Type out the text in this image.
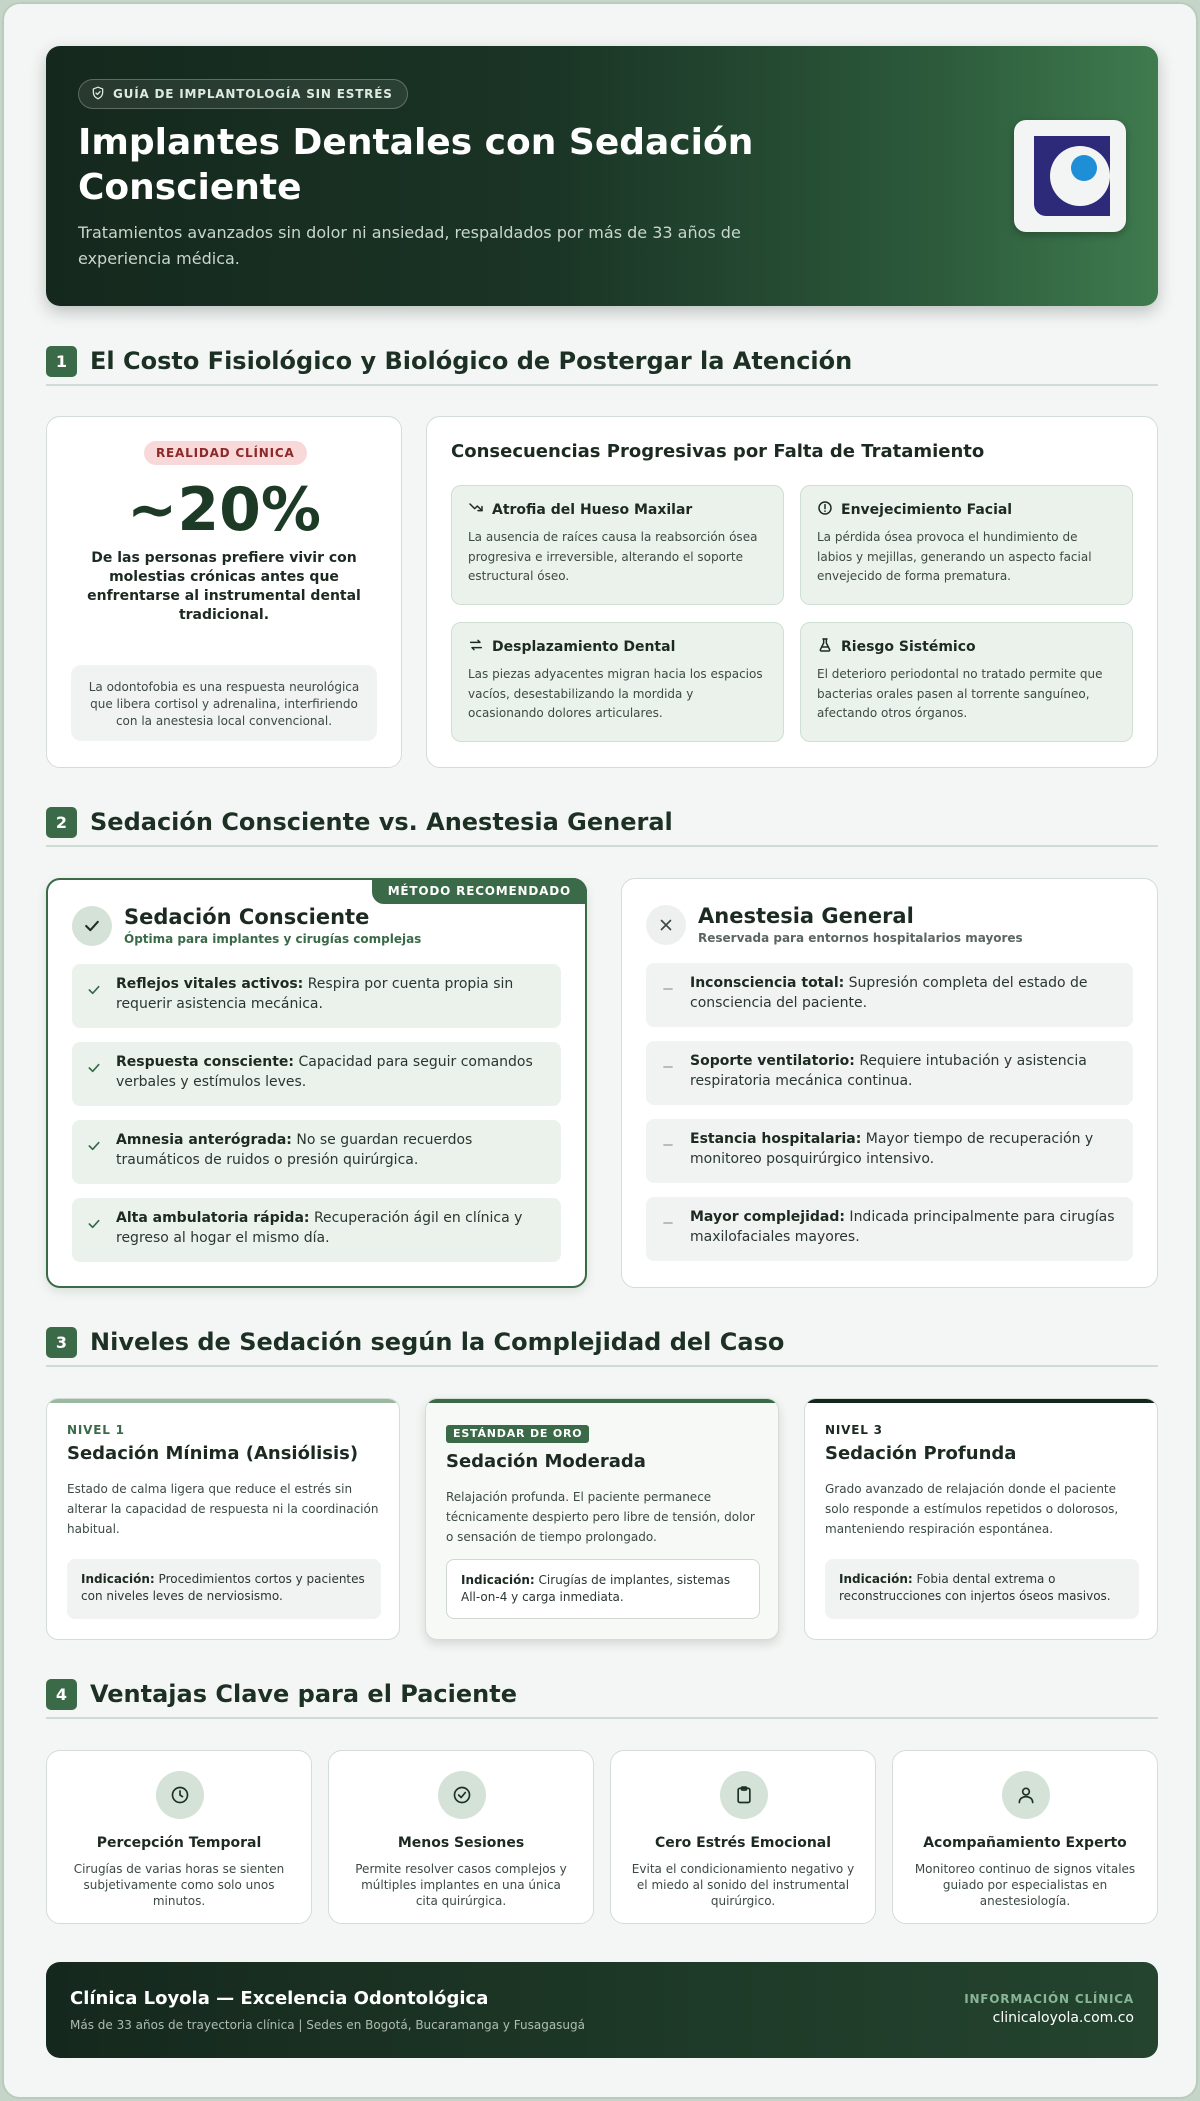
GUÍA DE IMPLANTOLOGÍA SIN ESTRÉS
Implantes Dentales con Sedación Consciente
Tratamientos avanzados sin dolor ni ansiedad, respaldados por más de 33 años de experiencia médica.
1 El Costo Fisiológico y Biológico de Postergar la Atención
REALIDAD CLÍNICA
~20%
De las personas prefiere vivir con molestias crónicas antes que enfrentarse al instrumental dental tradicional.
La odontofobia es una respuesta neurológica que libera cortisol y adrenalina, interfiriendo con la anestesia local convencional.
Consecuencias Progresivas por Falta de Tratamiento
Atrofia del Hueso Maxilar

La ausencia de raíces causa la reabsorción ósea progresiva e irreversible, alterando el soporte estructural óseo.

Envejecimiento Facial

La pérdida ósea provoca el hundimiento de labios y mejillas, generando un aspecto facial envejecido de forma prematura.

Desplazamiento Dental

Las piezas adyacentes migran hacia los espacios vacíos, desestabilizando la mordida y ocasionando dolores articulares.

Riesgo Sistémico

El deterioro periodontal no tratado permite que bacterias orales pasen al torrente sanguíneo, afectando otros órganos.

2 Sedación Consciente vs. Anestesia General
MÉTODO RECOMENDADO
Sedación Consciente
Óptima para implantes y cirugías complejas
Reflejos vitales activos: Respira por cuenta propia sin requerir asistencia mecánica.
Respuesta consciente: Capacidad para seguir comandos verbales y estímulos leves.
Amnesia anterógrada: No se guardan recuerdos traumáticos de ruidos o presión quirúrgica.
Alta ambulatoria rápida: Recuperación ágil en clínica y regreso al hogar el mismo día.
Anestesia General
Reservada para entornos hospitalarios mayores
Inconsciencia total: Supresión completa del estado de consciencia del paciente.
Soporte ventilatorio: Requiere intubación y asistencia respiratoria mecánica continua.
Estancia hospitalaria: Mayor tiempo de recuperación y monitoreo posquirúrgico intensivo.
Mayor complejidad: Indicada principalmente para cirugías maxilofaciales mayores.
3 Niveles de Sedación según la Complejidad del Caso
NIVEL 1
Sedación Mínima (Ansiólisis)
Estado de calma ligera que reduce el estrés sin alterar la capacidad de respuesta ni la coordinación habitual.
Indicación: Procedimientos cortos y pacientes con niveles leves de nerviosismo.
ESTÁNDAR DE ORO
Sedación Moderada
Relajación profunda. El paciente permanece técnicamente despierto pero libre de tensión, dolor o sensación de tiempo prolongado.
Indicación: Cirugías de implantes, sistemas All-on-4 y carga inmediata.
NIVEL 3
Sedación Profunda
Grado avanzado de relajación donde el paciente solo responde a estímulos repetidos o dolorosos, manteniendo respiración espontánea.
Indicación: Fobia dental extrema o reconstrucciones con injertos óseos masivos.
4 Ventajas Clave para el Paciente
Percepción Temporal
Cirugías de varias horas se sienten subjetivamente como solo unos minutos.
Menos Sesiones
Permite resolver casos complejos y múltiples implantes en una única cita quirúrgica.
Cero Estrés Emocional
Evita el condicionamiento negativo y el miedo al sonido del instrumental quirúrgico.
Acompañamiento Experto
Monitoreo continuo de signos vitales guiado por especialistas en anestesiología.
Clínica Loyola — Excelencia Odontológica
Más de 33 años de trayectoria clínica | Sedes en Bogotá, Bucaramanga y Fusagasugá
INFORMACIÓN CLÍNICA
clinicaloyola.com.co
